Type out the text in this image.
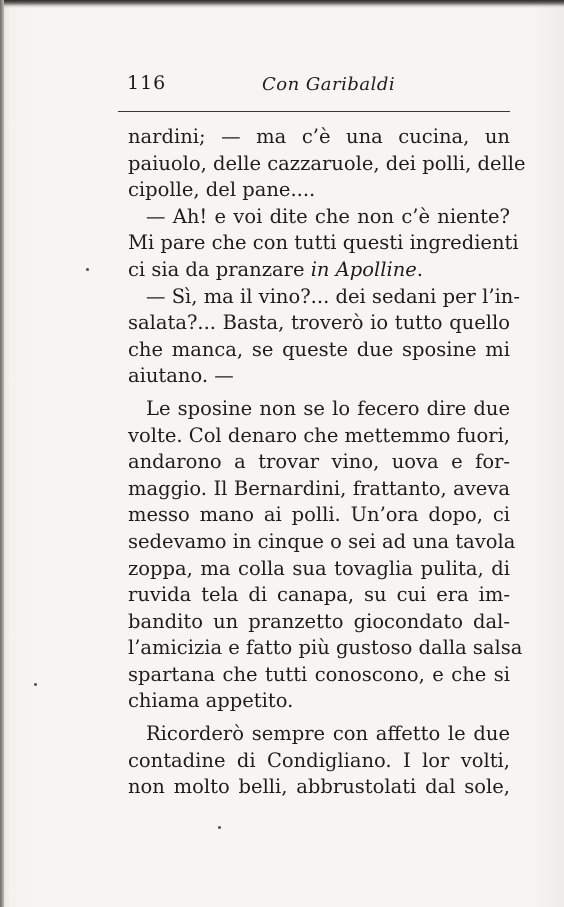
116	Con Garibaldi
nardini; — ma c’è una cucina, un
paiuolo, delle cazzaruole, dei polli, delle
cipolle, del pane....
— Ah! e voi dite che non c’è niente?
Mi pare che con tutti questi ingredienti
ci sia da pranzare in Apolline.
— Sì, ma il vino?... dei sedani per l’in-
salata?... Basta, troverò io tutto quello
che manca, se queste due sposine mi
aiutano. —
Le sposine non se lo fecero dire due
volte. Col denaro che mettemmo fuori,
andarono a trovar vino, uova e for-
maggio. Il Bernardini, frattanto, aveva
messo mano ai polli. Un’ora dopo, ci
sedevamo in cinque o sei ad una tavola
zoppa, ma colla sua tovaglia pulita, di
ruvida tela di canapa, su cui era im-
bandito un pranzetto giocondato dal-
l’amicizia e fatto più gustoso dalla salsa
spartana che tutti conoscono, e che si
chiama appetito.
Ricorderò sempre con affetto le due
contadine di Condigliano. I lor volti,
non molto belli, abbrustolati dal sole,
